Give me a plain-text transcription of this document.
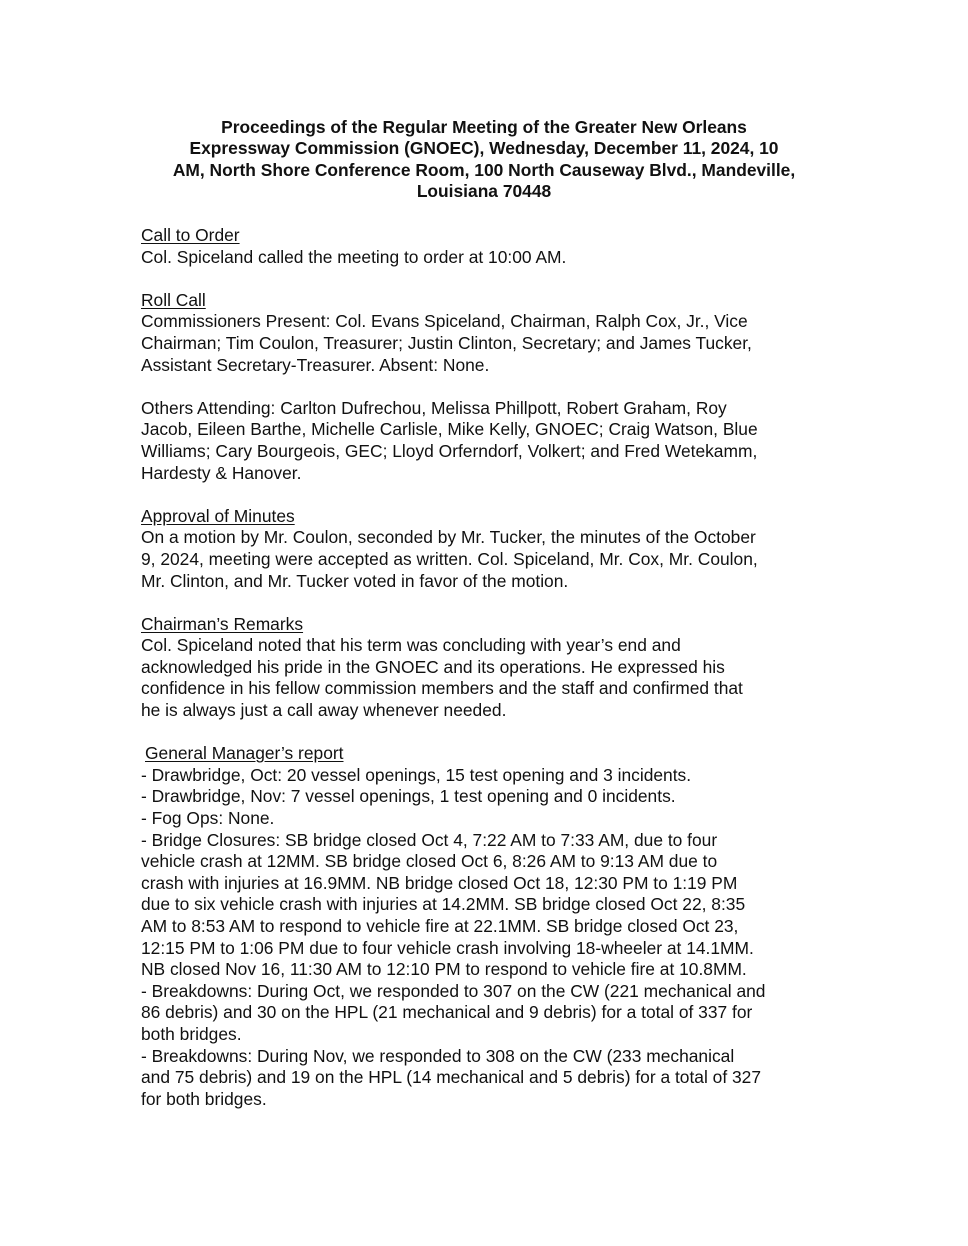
Proceedings of the Regular Meeting of the Greater New Orleans
Expressway Commission (GNOEC), Wednesday, December 11, 2024, 10
AM, North Shore Conference Room, 100 North Causeway Blvd., Mandeville,
Louisiana 70448
Call to Order
Col. Spiceland called the meeting to order at 10:00 AM.
Roll Call
Commissioners Present: Col. Evans Spiceland, Chairman, Ralph Cox, Jr., Vice
Chairman; Tim Coulon, Treasurer; Justin Clinton, Secretary; and James Tucker,
Assistant Secretary-Treasurer. Absent: None.
Others Attending: Carlton Dufrechou, Melissa Phillpott, Robert Graham, Roy
Jacob, Eileen Barthe, Michelle Carlisle, Mike Kelly, GNOEC; Craig Watson, Blue
Williams; Cary Bourgeois, GEC; Lloyd Orferndorf, Volkert; and Fred Wetekamm,
Hardesty & Hanover.
Approval of Minutes
On a motion by Mr. Coulon, seconded by Mr. Tucker, the minutes of the October
9, 2024, meeting were accepted as written. Col. Spiceland, Mr. Cox, Mr. Coulon,
Mr. Clinton, and Mr. Tucker voted in favor of the motion.
Chairman’s Remarks
Col. Spiceland noted that his term was concluding with year’s end and
acknowledged his pride in the GNOEC and its operations. He expressed his
confidence in his fellow commission members and the staff and confirmed that
he is always just a call away whenever needed.
General Manager’s report
- Drawbridge, Oct: 20 vessel openings, 15 test opening and 3 incidents.
- Drawbridge, Nov: 7 vessel openings, 1 test opening and 0 incidents.
- Fog Ops: None.
- Bridge Closures: SB bridge closed Oct 4, 7:22 AM to 7:33 AM, due to four
vehicle crash at 12MM. SB bridge closed Oct 6, 8:26 AM to 9:13 AM due to
crash with injuries at 16.9MM. NB bridge closed Oct 18, 12:30 PM to 1:19 PM
due to six vehicle crash with injuries at 14.2MM. SB bridge closed Oct 22, 8:35
AM to 8:53 AM to respond to vehicle fire at 22.1MM. SB bridge closed Oct 23,
12:15 PM to 1:06 PM due to four vehicle crash involving 18-wheeler at 14.1MM.
NB closed Nov 16, 11:30 AM to 12:10 PM to respond to vehicle fire at 10.8MM.
- Breakdowns: During Oct, we responded to 307 on the CW (221 mechanical and
86 debris) and 30 on the HPL (21 mechanical and 9 debris) for a total of 337 for
both bridges.
- Breakdowns: During Nov, we responded to 308 on the CW (233 mechanical
and 75 debris) and 19 on the HPL (14 mechanical and 5 debris) for a total of 327
for both bridges.
